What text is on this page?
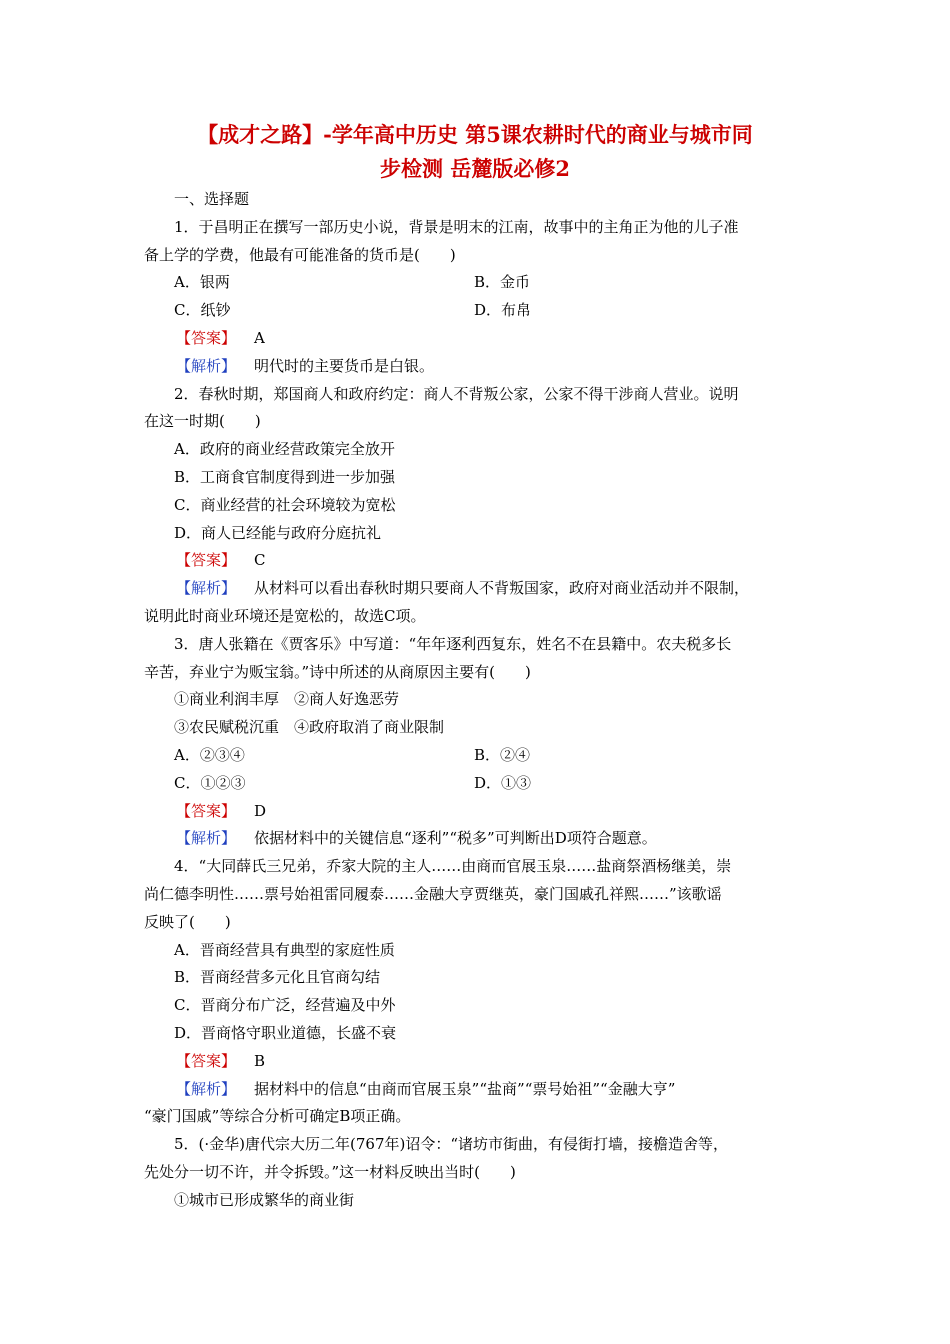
【成才之路】-学年高中历史 第5课农耕时代的商业与城市同
步检测 岳麓版必修2
一、选择题
1．于昌明正在撰写一部历史小说，背景是明末的江南，故事中的主角正为他的儿子准
备上学的学费，他最有可能准备的货币是(　　)
A．银两	B．金币
C．纸钞	D．布帛
【答案】 A
【解析】 明代时的主要货币是白银。
2．春秋时期，郑国商人和政府约定：商人不背叛公家，公家不得干涉商人营业。说明
在这一时期(　　)
A．政府的商业经营政策完全放开
B．工商食官制度得到进一步加强
C．商业经营的社会环境较为宽松
D．商人已经能与政府分庭抗礼
【答案】 C
【解析】 从材料可以看出春秋时期只要商人不背叛国家，政府对商业活动并不限制，
说明此时商业环境还是宽松的，故选C项。
3．唐人张籍在《贾客乐》中写道：“年年逐利西复东，姓名不在县籍中。农夫税多长
辛苦，弃业宁为贩宝翁。”诗中所述的从商原因主要有(　　)
①商业利润丰厚　②商人好逸恶劳
③农民赋税沉重　④政府取消了商业限制
A．②③④	B．②④
C．①②③	D．①③
【答案】 D
【解析】 依据材料中的关键信息“逐利”“税多”可判断出D项符合题意。
4．“大同薛氏三兄弟，乔家大院的主人……由商而官展玉泉……盐商祭酒杨继美，崇
尚仁德李明性……票号始祖雷同履泰……金融大亨贾继英，豪门国戚孔祥熙……”该歌谣
反映了(　　)
A．晋商经营具有典型的家庭性质
B．晋商经营多元化且官商勾结
C．晋商分布广泛，经营遍及中外
D．晋商恪守职业道德，长盛不衰
【答案】 B
【解析】 据材料中的信息“由商而官展玉泉”“盐商”“票号始祖”“金融大亨”
“豪门国戚”等综合分析可确定B项正确。
5．(·金华)唐代宗大历二年(767年)诏令：“诸坊市街曲，有侵街打墙，接檐造舍等，
先处分一切不许，并令拆毁。”这一材料反映出当时(　　)
①城市已形成繁华的商业街
